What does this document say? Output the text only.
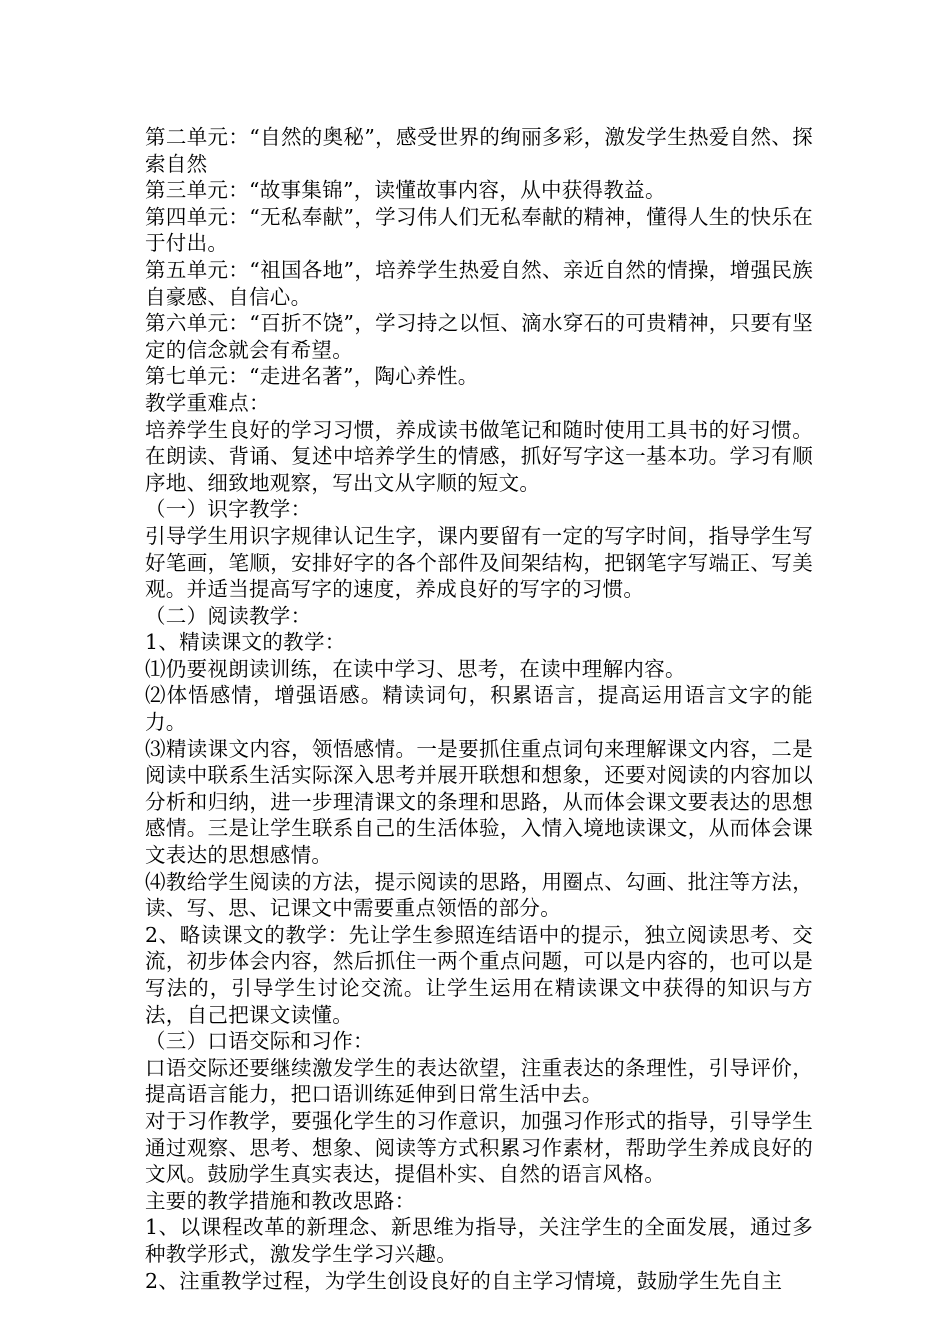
第二单元：“自然的奥秘”，感受世界的绚丽多彩，激发学生热爱自然、探索自然

第三单元：“故事集锦”，读懂故事内容，从中获得教益。

第四单元：“无私奉献”，学习伟人们无私奉献的精神，懂得人生的快乐在于付出。

第五单元：“祖国各地”，培养学生热爱自然、亲近自然的情操，增强民族自豪感、自信心。

第六单元：“百折不饶”，学习持之以恒、滴水穿石的可贵精神，只要有坚定的信念就会有希望。

第七单元：“走进名著”，陶心养性。

教学重难点：

培养学生良好的学习习惯，养成读书做笔记和随时使用工具书的好习惯。在朗读、背诵、复述中培养学生的情感，抓好写字这一基本功。学习有顺序地、细致地观察，写出文从字顺的短文。

（一）识字教学：

引导学生用识字规律认记生字，课内要留有一定的写字时间，指导学生写好笔画，笔顺，安排好字的各个部件及间架结构，把钢笔字写端正、写美观。并适当提高写字的速度，养成良好的写字的习惯。

（二）阅读教学：

1、精读课文的教学：

⑴仍要视朗读训练，在读中学习、思考，在读中理解内容。

⑵体悟感情，增强语感。精读词句，积累语言，提高运用语言文字的能力。

⑶精读课文内容，领悟感情。一是要抓住重点词句来理解课文内容，二是阅读中联系生活实际深入思考并展开联想和想象，还要对阅读的内容加以分析和归纳，进一步理清课文的条理和思路，从而体会课文要表达的思想感情。三是让学生联系自己的生活体验，入情入境地读课文，从而体会课文表达的思想感情。

⑷教给学生阅读的方法，提示阅读的思路，用圈点、勾画、批注等方法，读、写、思、记课文中需要重点领悟的部分。

2、略读课文的教学：先让学生参照连结语中的提示，独立阅读思考、交流，初步体会内容，然后抓住一两个重点问题，可以是内容的，也可以是写法的，引导学生讨论交流。让学生运用在精读课文中获得的知识与方法，自己把课文读懂。

（三）口语交际和习作：

口语交际还要继续激发学生的表达欲望，注重表达的条理性，引导评价，提高语言能力，把口语训练延伸到日常生活中去。

对于习作教学，要强化学生的习作意识，加强习作形式的指导，引导学生通过观察、思考、想象、阅读等方式积累习作素材，帮助学生养成良好的文风。鼓励学生真实表达，提倡朴实、自然的语言风格。

主要的教学措施和教改思路：

1、以课程改革的新理念、新思维为指导，关注学生的全面发展，通过多种教学形式，激发学生学习兴趣。

2、注重教学过程，为学生创设良好的自主学习情境，鼓励学生先自主
